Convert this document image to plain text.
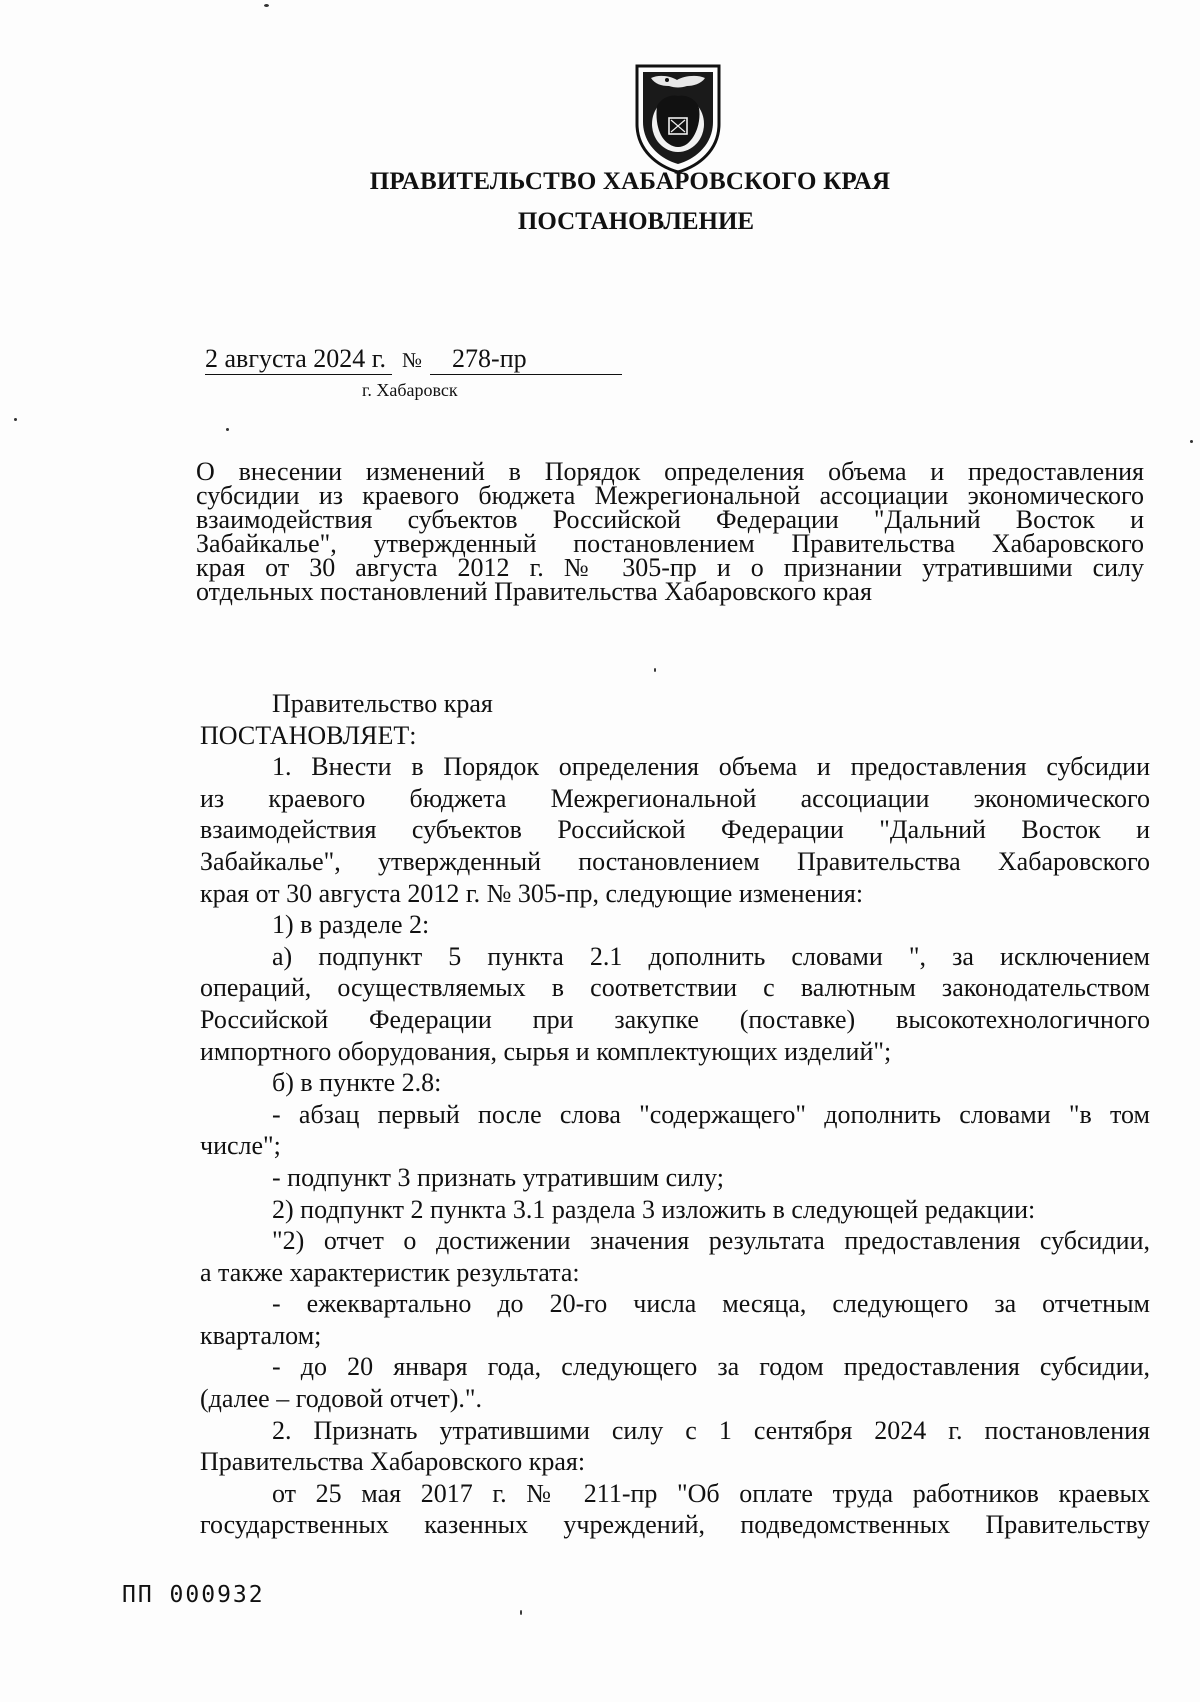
ПРАВИТЕЛЬСТВО ХАБАРОВСКОГО КРАЯ
ПОСТАНОВЛЕНИЕ
2 августа 2024 г. № 278-пр
г. Хабаровск
О внесении изменений в Порядок определения объема и предоставления
субсидии из краевого бюджета Межрегиональной ассоциации экономического
взаимодействия субъектов Российской Федерации "Дальний Восток и
Забайкалье", утвержденный постановлением Правительства Хабаровского
края от 30 августа 2012 г. № 305-пр и о признании утратившими силу
отдельных постановлений Правительства Хабаровского края
Правительство края
ПОСТАНОВЛЯЕТ:
1. Внести в Порядок определения объема и предоставления субсидии
из краевого бюджета Межрегиональной ассоциации экономического
взаимодействия субъектов Российской Федерации "Дальний Восток и
Забайкалье", утвержденный постановлением Правительства Хабаровского
края от 30 августа 2012 г. № 305-пр, следующие изменения:
1) в разделе 2:
а) подпункт 5 пункта 2.1 дополнить словами ", за исключением
операций, осуществляемых в соответствии с валютным законодательством
Российской Федерации при закупке (поставке) высокотехнологичного
импортного оборудования, сырья и комплектующих изделий";
б) в пункте 2.8:
- абзац первый после слова "содержащего" дополнить словами "в том
числе";
- подпункт 3 признать утратившим силу;
2) подпункт 2 пункта 3.1 раздела 3 изложить в следующей редакции:
"2) отчет о достижении значения результата предоставления субсидии,
а также характеристик результата:
- ежеквартально до 20-го числа месяца, следующего за отчетным
кварталом;
- до 20 января года, следующего за годом предоставления субсидии,
(далее – годовой отчет).".
2. Признать утратившими силу с 1 сентября 2024 г. постановления
Правительства Хабаровского края:
от 25 мая 2017 г. № 211-пр "Об оплате труда работников краевых
государственных казенных учреждений, подведомственных Правительству
ПП 000932
